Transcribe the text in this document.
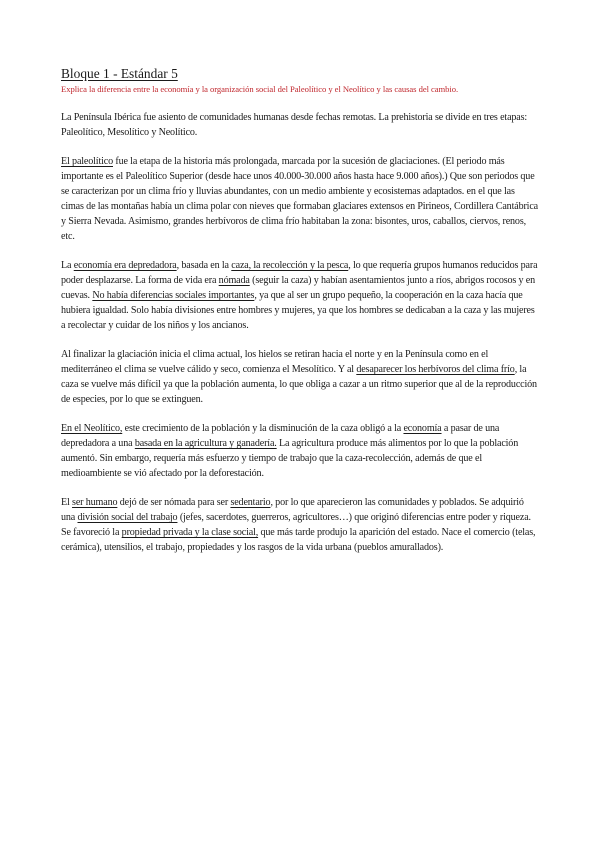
Bloque 1 - Estándar 5
Explica la diferencia entre la economía y la organización social del Paleolítico y el Neolítico y las causas del cambio.

La Península Ibérica fue asiento de comunidades humanas desde fechas remotas. La prehistoria se divide en tres etapas: Paleolítico, Mesolítico y Neolítico.

El paleolítico fue la etapa de la historia más prolongada, marcada por la sucesión de glaciaciones. (El periodo más importante es el Paleolítico Superior (desde hace unos 40.000-30.000 años hasta hace 9.000 años).) Que son periodos que se caracterizan por un clima frío y lluvias abundantes, con un medio ambiente y ecosistemas adaptados. en el que las cimas de las montañas había un clima polar con nieves que formaban glaciares extensos en Pirineos, Cordillera Cantábrica y Sierra Nevada. Asimismo, grandes herbívoros de clima frío habitaban la zona: bisontes, uros, caballos, ciervos, renos, etc.

La economía era depredadora, basada en la caza, la recolección y la pesca, lo que requería grupos humanos reducidos para poder desplazarse. La forma de vida era nómada (seguir la caza) y habían asentamientos junto a ríos, abrigos rocosos y en cuevas. No había diferencias sociales importantes, ya que al ser un grupo pequeño, la cooperación en la caza hacía que hubiera igualdad. Solo había divisiones entre hombres y mujeres, ya que los hombres se dedicaban a la caza y las mujeres a recolectar y cuidar de los niños y los ancianos.

Al finalizar la glaciación inicia el clima actual, los hielos se retiran hacia el norte y en la Península como en el mediterráneo el clima se vuelve cálido y seco, comienza el Mesolítico. Y al desaparecer los herbívoros del clima frío, la caza se vuelve más difícil ya que la población aumenta, lo que obliga a cazar a un ritmo superior que al de la reproducción de especies, por lo que se extinguen.

En el Neolítico, este crecimiento de la población y la disminución de la caza obligó a la economía a pasar de una depredadora a una basada en la agricultura y ganadería. La agricultura produce más alimentos por lo que la población aumentó. Sin embargo, requería más esfuerzo y tiempo de trabajo que la caza-recolección, además de que el medioambiente se vió afectado por la deforestación.

El ser humano dejó de ser nómada para ser sedentario, por lo que aparecieron las comunidades y poblados. Se adquirió una división social del trabajo (jefes, sacerdotes, guerreros, agricultores…) que originó diferencias entre poder y riqueza. Se favoreció la propiedad privada y la clase social, que más tarde produjo la aparición del estado. Nace el comercio (telas, cerámica), utensilios, el trabajo, propiedades y los rasgos de la vida urbana (pueblos amurallados).
